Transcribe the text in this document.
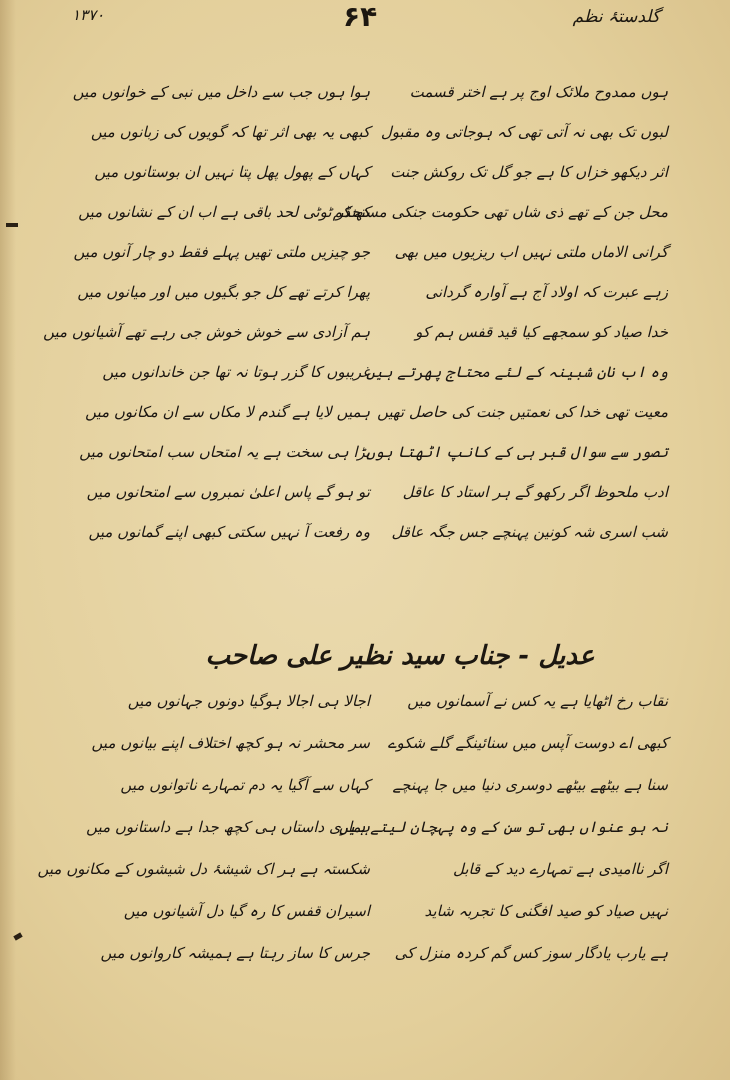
۱۳۷۰	۶۴	گلدستۂ نظم
ہوں ممدوح ملائک اوج پر ہے اختر قسمت
لبوں تک بھی نہ آتی تھی کہ ہوجاتی وہ مقبول
اثر دیکھو خزاں کا ہے جو گل تک روکش جنت
محل جن کے تھے ذی شاں تھی حکومت جنکی مستحکم
گرانی الاماں ملتی نہیں اب ریزیوں میں بھی
زہے عبرت کہ اولاد آج ہے آوارہ گردانی
خدا صیاد کو سمجھے کیا قید قفس ہم کو
وہ اب نان شبینہ کے لئے محتاج پھرتے ہیں
معیت تھی خدا کی نعمتیں جنت کی حاصل تھیں
تصور سے سوال قبر ہی کے کانپ اٹھتا ہوں
ادب ملحوظ اگر رکھو گے ہر استاد کا عاقل
شب اسری شہ کونین پہنچے جس جگہ عاقل
ہوا ہوں جب سے داخل میں نبی کے خوانوں میں
کبھی یہ بھی اثر تھا کہ گویوں کی زبانوں میں
کہاں کے پھول پھل پتا نہیں ان بوستانوں میں
کھنڈر ٹوٹی لحد باقی ہے اب ان کے نشانوں میں
جو چیزیں ملتی تھیں پہلے فقط دو چار آنوں میں
پھرا کرتے تھے کل جو بگیوں میں اور میانوں میں
ہم آزادی سے خوش خوش جی رہے تھے آشیانوں میں
غریبوں کا گزر ہوتا نہ تھا جن خاندانوں میں
ہمیں لایا ہے گندم لا مکاں سے ان مکانوں میں
بڑا ہی سخت ہے یہ امتحاں سب امتحانوں میں
تو ہو گے پاس اعلیٰ نمبروں سے امتحانوں میں
وہ رفعت آ نہیں سکتی کبھی اپنے گمانوں میں
عدیل - جناب سید نظیر علی صاحب
نقاب رخ اٹھایا ہے یہ کس نے آسمانوں میں
کبھی اے دوست آپس میں سنائینگے گلے شکوے
سنا ہے بیٹھے بیٹھے دوسری دنیا میں جا پہنچے
نہ ہو عنواں بھی تو سن کے وہ پہچان لیتے ہیں
اگر ناامیدی ہے تمہارے دید کے قابل
نہیں صیاد کو صید افگنی کا تجربہ شاید
ہے یارب یادگار سوز کس گم کردہ منزل کی
اجالا ہی اجالا ہوگیا دونوں جہانوں میں
سر محشر نہ ہو کچھ اختلاف اپنے بیانوں میں
کہاں سے آگیا یہ دم تمہارے ناتوانوں میں
ہماری داستاں ہی کچھ جدا ہے داستانوں میں
شکستہ ہے ہر اک شیشۂ دل شیشوں کے مکانوں میں
اسیران قفس کا رہ گیا دل آشیانوں میں
جرس کا ساز رہتا ہے ہمیشہ کاروانوں میں
